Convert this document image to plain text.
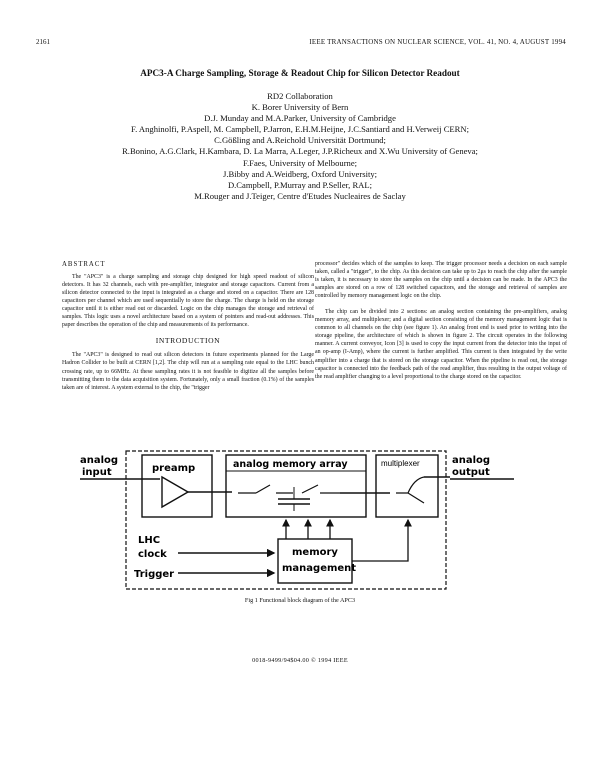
2161	IEEE TRANSACTIONS ON NUCLEAR SCIENCE, VOL. 41, NO. 4, AUGUST 1994
APC3-A Charge Sampling, Storage & Readout Chip for Silicon Detector Readout
RD2 Collaboration
K. Borer University of Bern
D.J. Munday and M.A.Parker, University of Cambridge
F. Anghinolfi, P.Aspell, M. Campbell, P.Jarron, E.H.M.Heijne, J.C.Santiard and H.Verweij CERN;
C.Gößling and A.Reichold Universität Dortmund;
R.Bonino, A.G.Clark, H.Kambara, D. La Marra, A.Leger, J.P.Richeux and X.Wu University of Geneva;
F.Faes, University of Melbourne;
J.Bibby and A.Weidberg, Oxford University;
D.Campbell, P.Murray and P.Seller, RAL;
M.Rouger and J.Teiger, Centre d'Etudes Nucleaires de Saclay
ABSTRACT

The "APC3" is a charge sampling and storage chip designed for high speed readout of silicon detectors. It has 32 channels, each with pre-amplifier, integrator and storage capacitors. Current from a silicon detector connected to the input is integrated as a charge and stored on a capacitor. There are 128 capacitors per channel which are used sequentially to store the charge. The charge is held on the storage capacitor until it is either read out or discarded. Logic on the chip manages the storage and retrieval of samples. This logic uses a novel architecture based on a system of pointers and read-out addresses. This paper describes the operation of the chip and measurements of its performance.

INTRODUCTION

The "APC3" is designed to read out silicon detectors in future experiments planned for the Large Hadron Collider to be built at CERN [1,2]. The chip will run at a sampling rate equal to the LHC bunch crossing rate, up to 66MHz. At these sampling rates it is not feasible to digitize all the samples before transmitting them to the data acquisition system. Fortunately, only a small fraction (0.1%) of the samples taken are of interest. A system external to the chip, the "trigger

processor" decides which of the samples to keep. The trigger processor needs a decision on each sample taken, called a "trigger", to the chip. As this decision can take up to 2μs to reach the chip after the sample is taken, it is necessary to store the samples on the chip until a decision can be made. In the APC3 the samples are stored on a row of 128 switched capacitors, and the storage and retrieval of samples are controlled by memory management logic on the chip.

The chip can be divided into 2 sections: an analog section containing the pre-amplifiers, analog memory array, and multiplexer; and a digital section consisting of the memory management logic that is common to all channels on the chip (see figure 1). An analog front end is used prior to writing into the storage pipeline, the architecture of which is shown in figure 2. The circuit operates in the following manner. A current conveyor, Icon [3] is used to copy the input current from the detector into the input of an op-amp (I-Amp), where the current is further amplified. This current is then integrated by the write amplifier into a charge that is stored on the storage capacitor. When the pipeline is read out, the storage capacitor is connected into the feedback path of the read amplifier, thus resulting in the output voltage of the read amplifier changing to a level proportional to the charge stored on the capacitor.

analog
input	preamp	analog memory array	multiplexer	analog
output
LHC
clock
Trigger
memory
management
Fig 1 Functional block diagram of the APC3
0018-9499/94$04.00 © 1994 IEEE
